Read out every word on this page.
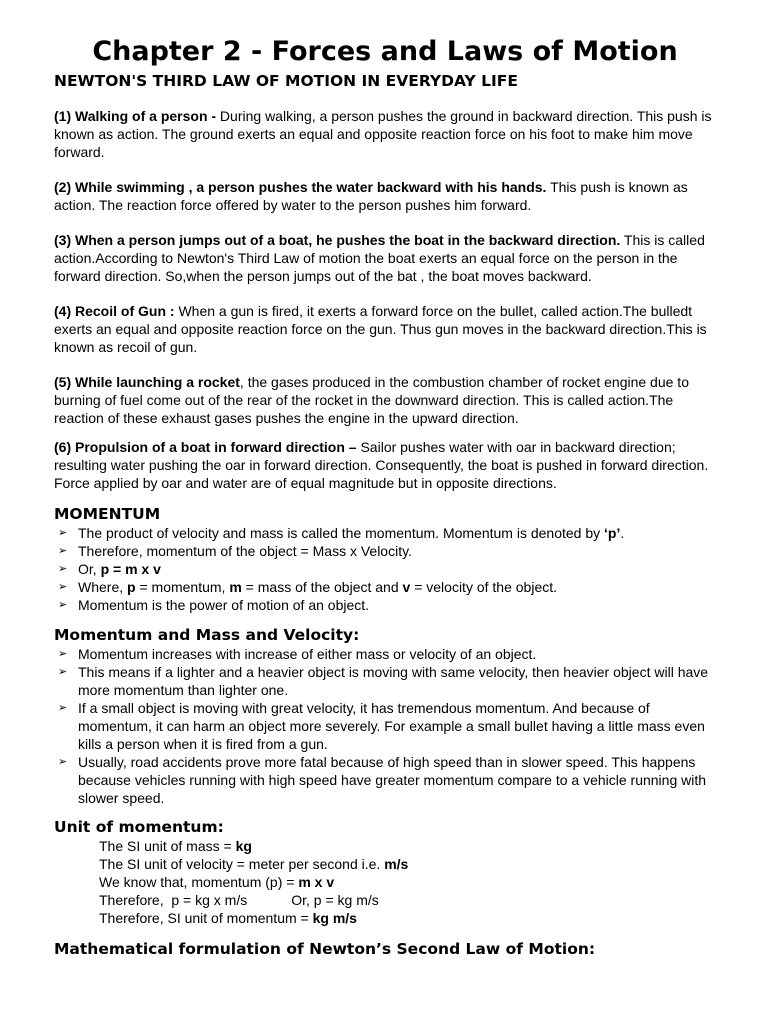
Chapter 2 - Forces and Laws of Motion
NEWTON'S THIRD LAW OF MOTION IN EVERYDAY LIFE

(1) Walking of a person - During walking, a person pushes the ground in backward direction. This push is known as action. The ground exerts an equal and opposite reaction force on his foot to make him move forward.

(2) While swimming , a person pushes the water backward with his hands. This push is known as action. The reaction force offered by water to the person pushes him forward.

(3) When a person jumps out of a boat, he pushes the boat in the backward direction. This is called action.According to Newton's Third Law of motion the boat exerts an equal force on the person in the forward direction. So,when the person jumps out of the bat , the boat moves backward.

(4) Recoil of Gun : When a gun is fired, it exerts a forward force on the bullet, called action.The bulledt exerts an equal and opposite reaction force on the gun. Thus gun moves in the backward direction.This is known as recoil of gun.

(5) While launching a rocket, the gases produced in the combustion chamber of rocket engine due to burning of fuel come out of the rear of the rocket in the downward direction. This is called action.The reaction of these exhaust gases pushes the engine in the upward direction.

(6) Propulsion of a boat in forward direction – Sailor pushes water with oar in backward direction; resulting water pushing the oar in forward direction. Consequently, the boat is pushed in forward direction. Force applied by oar and water are of equal magnitude but in opposite directions.

MOMENTUM
➢ The product of velocity and mass is called the momentum. Momentum is denoted by ‘p’.
➢ Therefore, momentum of the object = Mass x Velocity.
➢ Or, p = m x v
➢ Where, p = momentum, m = mass of the object and v = velocity of the object.
➢ Momentum is the power of motion of an object.
Momentum and Mass and Velocity:
➢ Momentum increases with increase of either mass or velocity of an object.
➢ This means if a lighter and a heavier object is moving with same velocity, then heavier object will have more momentum than lighter one.
➢ If a small object is moving with great velocity, it has tremendous momentum. And because of momentum, it can harm an object more severely. For example a small bullet having a little mass even kills a person when it is fired from a gun.
➢ Usually, road accidents prove more fatal because of high speed than in slower speed. This happens because vehicles running with high speed have greater momentum compare to a vehicle running with slower speed.
Unit of momentum:
The SI unit of mass = kg
The SI unit of velocity = meter per second i.e. m/s
We know that, momentum (p) = m x v
Therefore,  p = kg x m/s	Or, p = kg m/s
Therefore, SI unit of momentum = kg m/s
Mathematical formulation of Newton’s Second Law of Motion:
